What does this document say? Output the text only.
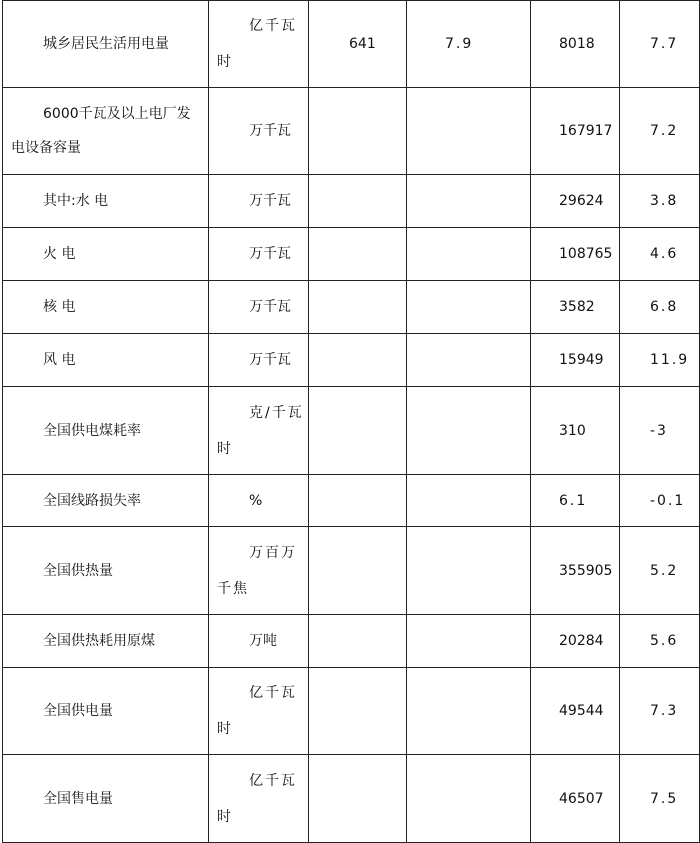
城乡居民生活用电量	亿千瓦时	641	7.9	8018	7.7

6000千瓦及以上电厂发电设备容量	万千瓦			167917	7.2

其中:水 电	万千瓦			29624	3.8

火 电	万千瓦			108765	4.6

核 电	万千瓦			3582	6.8

风 电	万千瓦			15949	11.9

全国供电煤耗率	克/千瓦时			310	-3

全国线路损失率	%			6.1	-0.1

全国供热量	万百万千焦			355905	5.2

全国供热耗用原煤	万吨			20284	5.6

全国供电量	亿千瓦时			49544	7.3

全国售电量	亿千瓦时			46507	7.5
